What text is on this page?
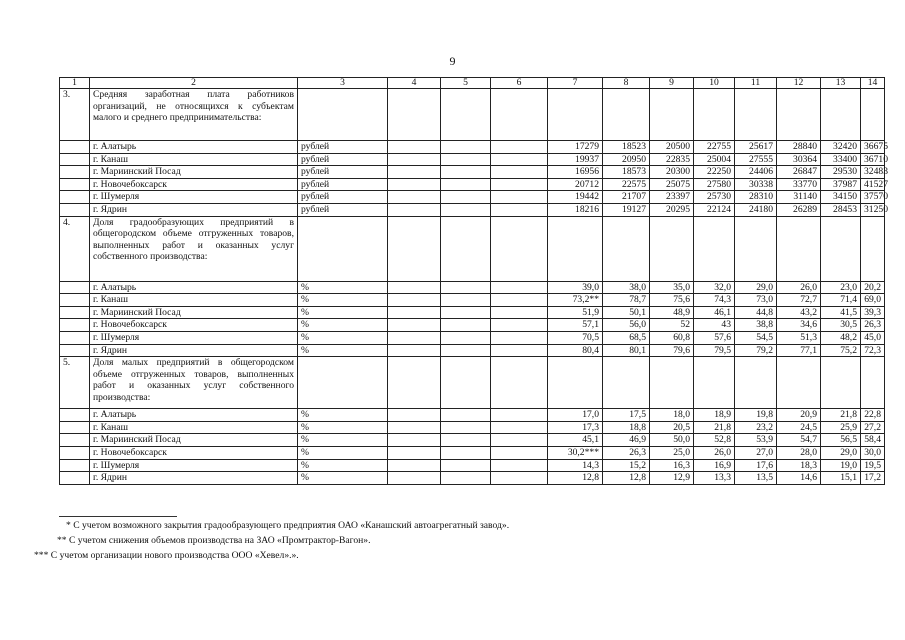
9
1	2	3	4	5	6	7	8	9	10	11	12	13	14
3.	Средняя заработная плата работников организаций, не относящихся к субъектам малого и среднего предпринимательства:												
	г. Алатырь	рублей				17279	18523	20500	22755	25617	28840	32420	36675
	г. Канаш	рублей				19937	20950	22835	25004	27555	30364	33400	36710
	г. Мариинский Посад	рублей				16956	18573	20300	22250	24406	26847	29530	32483
	г. Новочебоксарск	рублей				20712	22575	25075	27580	30338	33770	37987	41527
	г. Шумерля	рублей				19442	21707	23397	25730	28310	31140	34150	37570
	г. Ядрин	рублей				18216	19127	20295	22124	24180	26289	28453	31250
4.	Доля градообразующих предприятий в общегородском объеме отгруженных товаров, выполненных работ и оказанных услуг собственного производства:												
	г. Алатырь	%				39,0	38,0	35,0	32,0	29,0	26,0	23,0	20,2
	г. Канаш	%				73,2**	78,7	75,6	74,3	73,0	72,7	71,4	69,0
	г. Мариинский Посад	%				51,9	50,1	48,9	46,1	44,8	43,2	41,5	39,3
	г. Новочебоксарск	%				57,1	56,0	52	43	38,8	34,6	30,5	26,3
	г. Шумерля	%				70,5	68,5	60,8	57,6	54,5	51,3	48,2	45,0
	г. Ядрин	%				80,4	80,1	79,6	79,5	79,2	77,1	75,2	72,3
5.	Доля малых предприятий в общегородском объеме отгруженных товаров, выполненных работ и оказанных услуг собственного производства:												
	г. Алатырь	%				17,0	17,5	18,0	18,9	19,8	20,9	21,8	22,8
	г. Канаш	%				17,3	18,8	20,5	21,8	23,2	24,5	25,9	27,2
	г. Мариинский Посад	%				45,1	46,9	50,0	52,8	53,9	54,7	56,5	58,4
	г. Новочебоксарск	%				30,2***	26,3	25,0	26,0	27,0	28,0	29,0	30,0
	г. Шумерля	%				14,3	15,2	16,3	16,9	17,6	18,3	19,0	19,5
	г. Ядрин	%				12,8	12,8	12,9	13,3	13,5	14,6	15,1	17,2
* С учетом возможного закрытия градообразующего предприятия ОАО «Канашский автоагрегатный завод».
** С учетом снижения объемов производства на ЗАО «Промтрактор-Вагон».
*** С учетом организации нового производства ООО «Хевел».».
